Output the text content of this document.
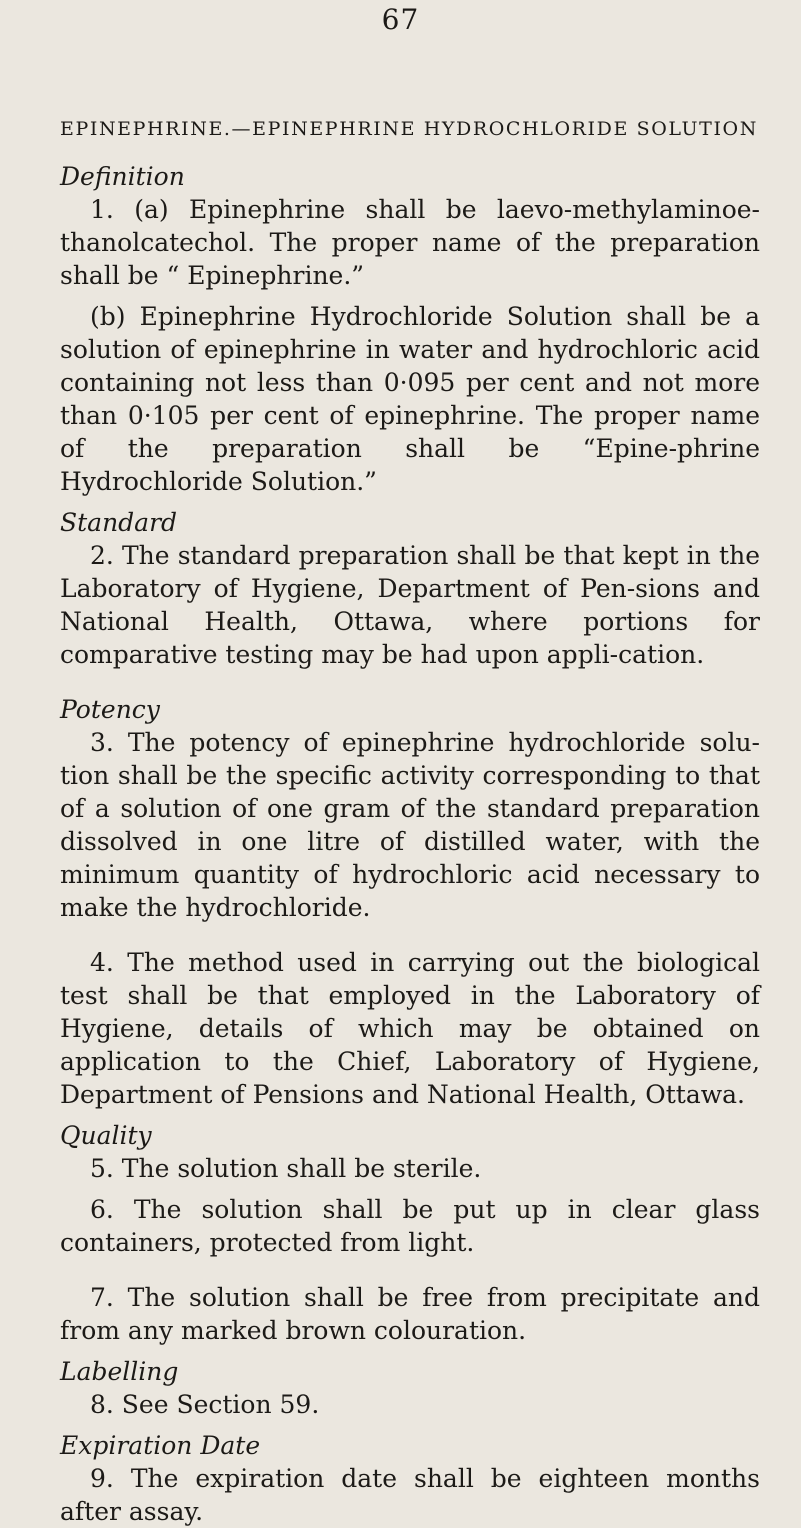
67
EPINEPHRINE.—EPINEPHRINE HYDROCHLORIDE SOLUTION

Definition

1. (a) Epinephrine shall be laevo-methylaminoe-thanolcatechol. The proper name of the preparation shall be “ Epinephrine.”

(b) Epinephrine Hydrochloride Solution shall be a solution of epinephrine in water and hydrochloric acid containing not less than 0·095 per cent and not more than 0·105 per cent of epinephrine. The proper name of the preparation shall be “Epine-phrine Hydrochloride Solution.”

Standard

2. The standard preparation shall be that kept in the Laboratory of Hygiene, Department of Pen-sions and National Health, Ottawa, where portions for comparative testing may be had upon appli-cation.

Potency

3. The potency of epinephrine hydrochloride solu-tion shall be the specific activity corresponding to that of a solution of one gram of the standard preparation dissolved in one litre of distilled water, with the minimum quantity of hydrochloric acid necessary to make the hydrochloride.

4. The method used in carrying out the biological test shall be that employed in the Laboratory of Hygiene, details of which may be obtained on application to the Chief, Laboratory of Hygiene, Department of Pensions and National Health, Ottawa.

Quality

5. The solution shall be sterile.

6. The solution shall be put up in clear glass containers, protected from light.

7. The solution shall be free from precipitate and from any marked brown colouration.

Labelling

8. See Section 59.

Expiration Date

9. The expiration date shall be eighteen months after assay.
